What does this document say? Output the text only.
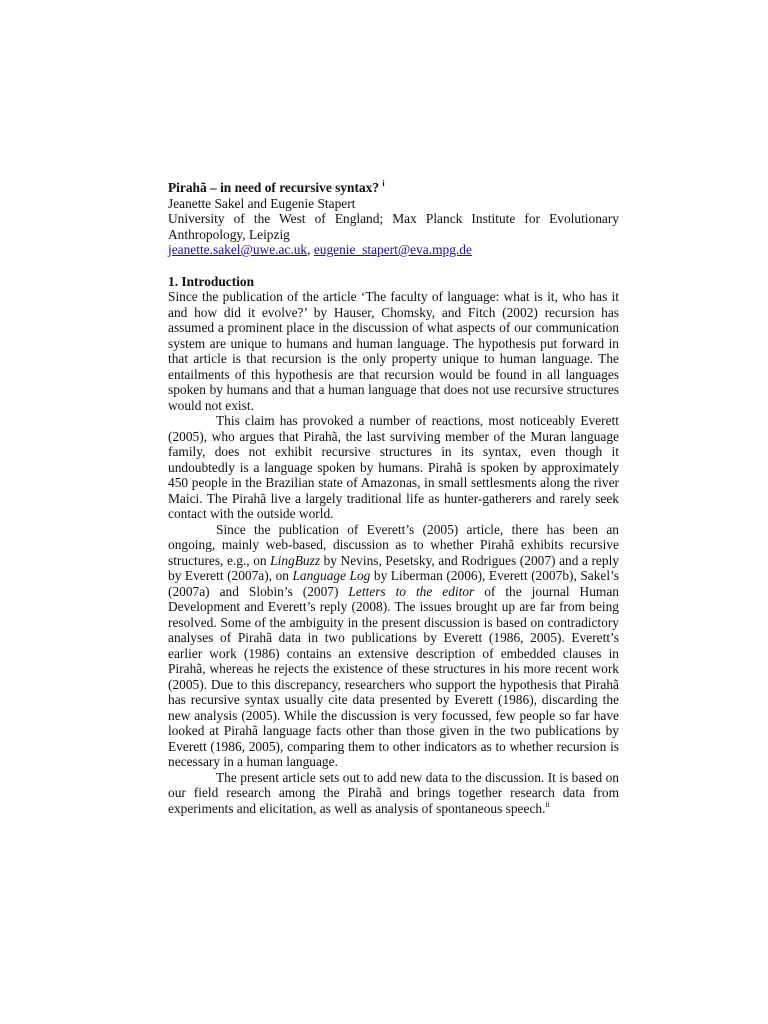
Pirahã – in need of recursive syntax? $^i$
Jeanette Sakel and Eugenie Stapert
University of the West of England; Max Planck Institute for Evolutionary Anthropology, Leipzig
jeanette.sakel@uwe.ac.uk, eugenie_stapert@eva.mpg.de
1. Introduction

Since the publication of the article ‘The faculty of language: what is it, who has it and how did it evolve?’ by Hauser, Chomsky, and Fitch (2002) recursion has assumed a prominent place in the discussion of what aspects of our communication system are unique to humans and human language. The hypothesis put forward in that article is that recursion is the only property unique to human language. The entailments of this hypothesis are that recursion would be found in all languages spoken by humans and that a human language that does not use recursive structures would not exist.

This claim has provoked a number of reactions, most noticeably Everett (2005), who argues that Pirahã, the last surviving member of the Muran language family, does not exhibit recursive structures in its syntax, even though it undoubtedly is a language spoken by humans. Pirahã is spoken by approximately 450 people in the Brazilian state of Amazonas, in small settlesments along the river Maici. The Pirahã live a largely traditional life as hunter-gatherers and rarely seek contact with the outside world.

Since the publication of Everett’s (2005) article, there has been an ongoing, mainly web-based, discussion as to whether Pirahã exhibits recursive structures, e.g., on LingBuzz by Nevins, Pesetsky, and Rodrigues (2007) and a reply by Everett (2007a), on Language Log by Liberman (2006), Everett (2007b), Sakel’s (2007a) and Slobin’s (2007) Letters to the editor of the journal Human Development and Everett’s reply (2008). The issues brought up are far from being resolved. Some of the ambiguity in the present discussion is based on contradictory analyses of Pirahã data in two publications by Everett (1986, 2005). Everett’s earlier work (1986) contains an extensive description of embedded clauses in Pirahã, whereas he rejects the existence of these structures in his more recent work (2005). Due to this discrepancy, researchers who support the hypothesis that Pirahã has recursive syntax usually cite data presented by Everett (1986), discarding the new analysis (2005). While the discussion is very focussed, few people so far have looked at Pirahã language facts other than those given in the two publications by Everett (1986, 2005), comparing them to other indicators as to whether recursion is necessary in a human language.

The present article sets out to add new data to the discussion. It is based on our field research among the Pirahã and brings together research data from experiments and elicitation, as well as analysis of spontaneous speech.$^{ii}$
